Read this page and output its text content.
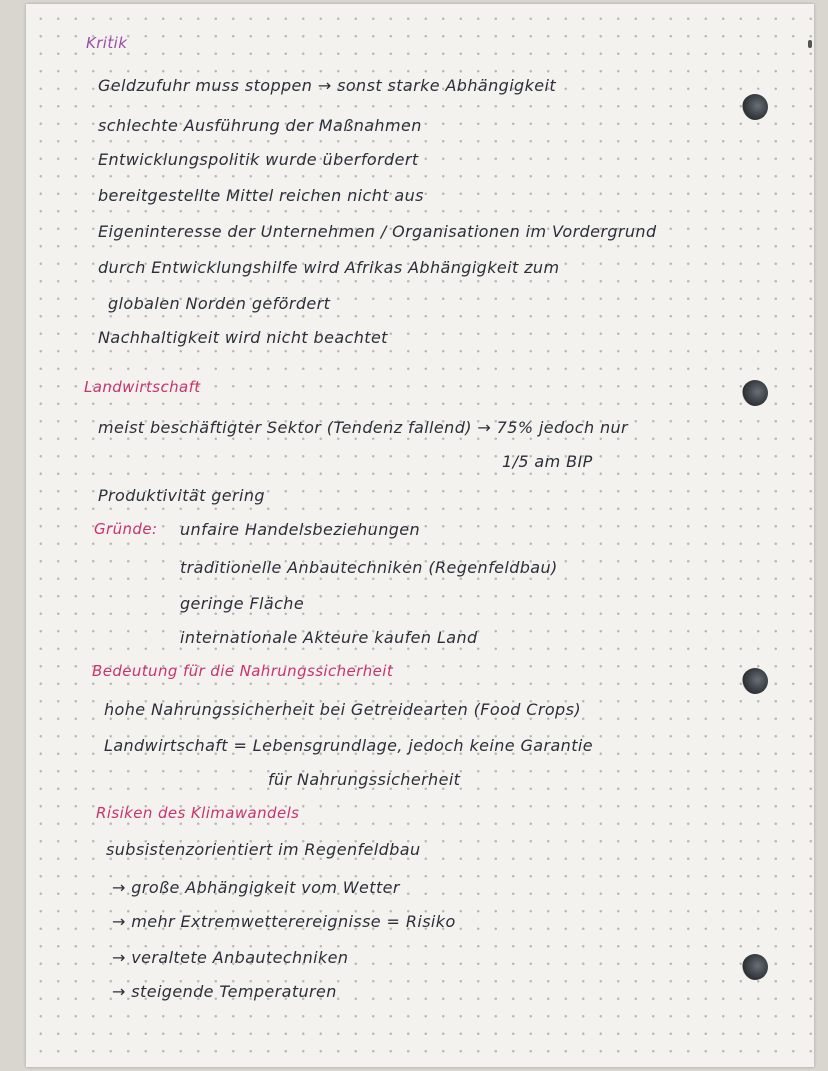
Kritik
Geldzufuhr muss stoppen → sonst starke Abhängigkeit
schlechte Ausführung der Maßnahmen
Entwicklungspolitik wurde überfordert
bereitgestellte Mittel reichen nicht aus
Eigeninteresse der Unternehmen / Organisationen im Vordergrund
durch Entwicklungshilfe wird Afrikas Abhängigkeit zum
globalen Norden gefördert
Nachhaltigkeit wird nicht beachtet
Landwirtschaft
meist beschäftigter Sektor (Tendenz fallend) → 75% jedoch nur
1/5 am BIP
Produktivität gering
Gründe: unfaire Handelsbeziehungen
traditionelle Anbautechniken (Regenfeldbau)
geringe Fläche
internationale Akteure kaufen Land
Bedeutung für die Nahrungssicherheit
hohe Nahrungssicherheit bei Getreidearten (Food Crops)
Landwirtschaft = Lebensgrundlage, jedoch keine Garantie
für Nahrungssicherheit
Risiken des Klimawandels
subsistenzorientiert im Regenfeldbau
→ große Abhängigkeit vom Wetter
→ mehr Extremwetterereignisse = Risiko
→ veraltete Anbautechniken
→ steigende Temperaturen
